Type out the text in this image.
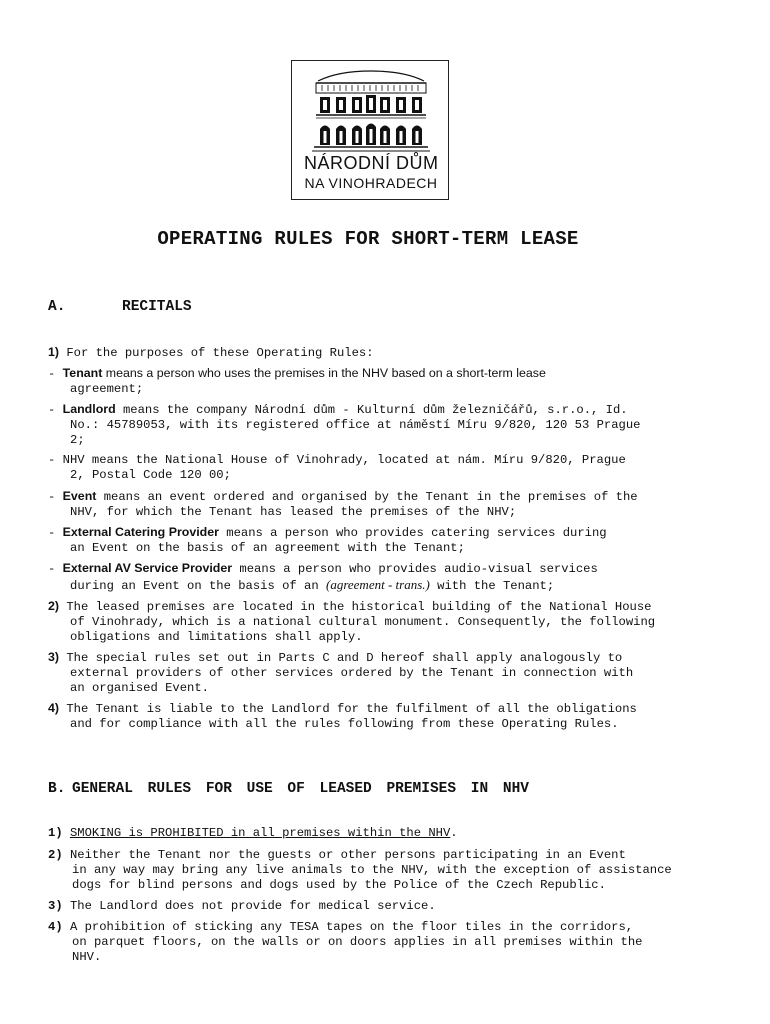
NÁRODNÍ DŮM
NA VINOHRADECH
OPERATING RULES FOR SHORT-TERM LEASE
A.	RECITALS
1) For the purposes of these Operating Rules:
- Tenant means a person who uses the premises in the NHV based on a short-term lease
agreement;
- Landlord means the company Národní dům - Kulturní dům železničářů, s.r.o., Id.
No.: 45789053, with its registered office at náměstí Míru 9/820, 120 53 Prague
2;
- NHV means the National House of Vinohrady, located at nám. Míru 9/820, Prague
2, Postal Code 120 00;
- Event means an event ordered and organised by the Tenant in the premises of the
NHV, for which the Tenant has leased the premises of the NHV;
- External Catering Provider means a person who provides catering services during
an Event on the basis of an agreement with the Tenant;
- External AV Service Provider means a person who provides audio-visual services
during an Event on the basis of an (agreement - trans.) with the Tenant;
2) The leased premises are located in the historical building of the National House
of Vinohrady, which is a national cultural monument. Consequently, the following
obligations and limitations shall apply.
3) The special rules set out in Parts C and D hereof shall apply analogously to
external providers of other services ordered by the Tenant in connection with
an organised Event.
4) The Tenant is liable to the Landlord for the fulfilment of all the obligations
and for compliance with all the rules following from these Operating Rules.
B. GENERAL RULES FOR USE OF LEASED PREMISES IN NHV
1) SMOKING is PROHIBITED in all premises within the NHV.
2) Neither the Tenant nor the guests or other persons participating in an Event
in any way may bring any live animals to the NHV, with the exception of assistance
dogs for blind persons and dogs used by the Police of the Czech Republic.
3) The Landlord does not provide for medical service.
4) A prohibition of sticking any TESA tapes on the floor tiles in the corridors,
on parquet floors, on the walls or on doors applies in all premises within the
NHV.
